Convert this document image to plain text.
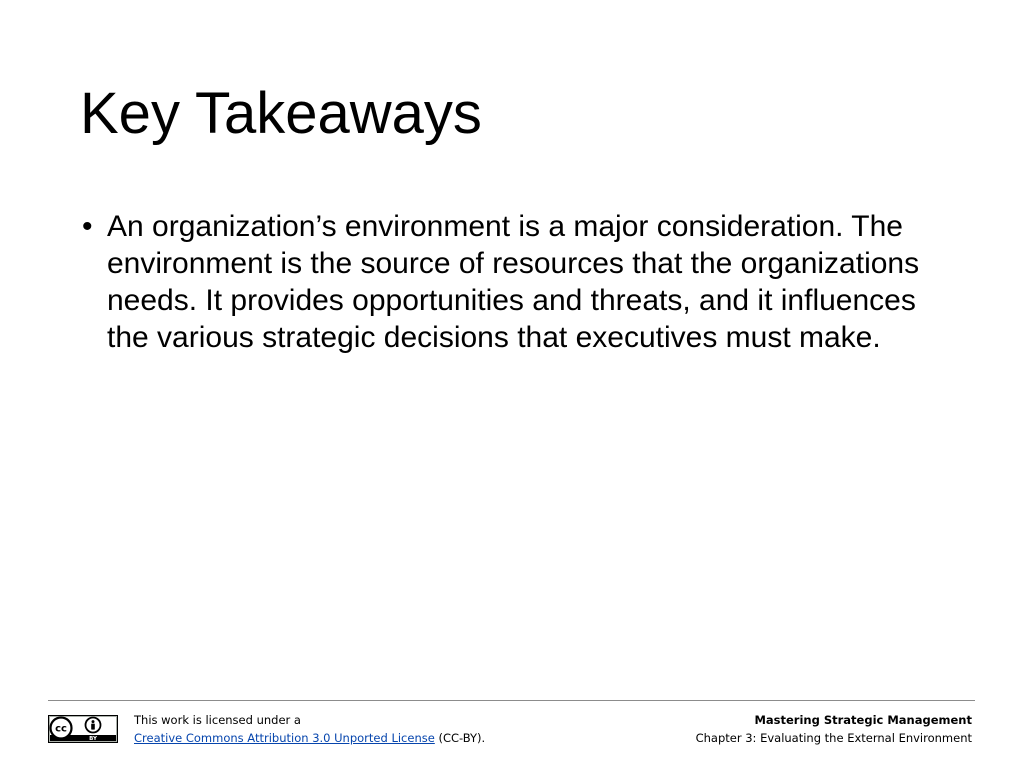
Key Takeaways
• An organization’s environment is a major consideration. The environment is the source of resources that the organizations needs. It provides opportunities and threats, and it influences the various strategic decisions that executives must make.
cc
BY
This work is licensed under a
Creative Commons Attribution 3.0 Unported License (CC-BY).
Mastering Strategic Management
Chapter 3: Evaluating the External Environment
